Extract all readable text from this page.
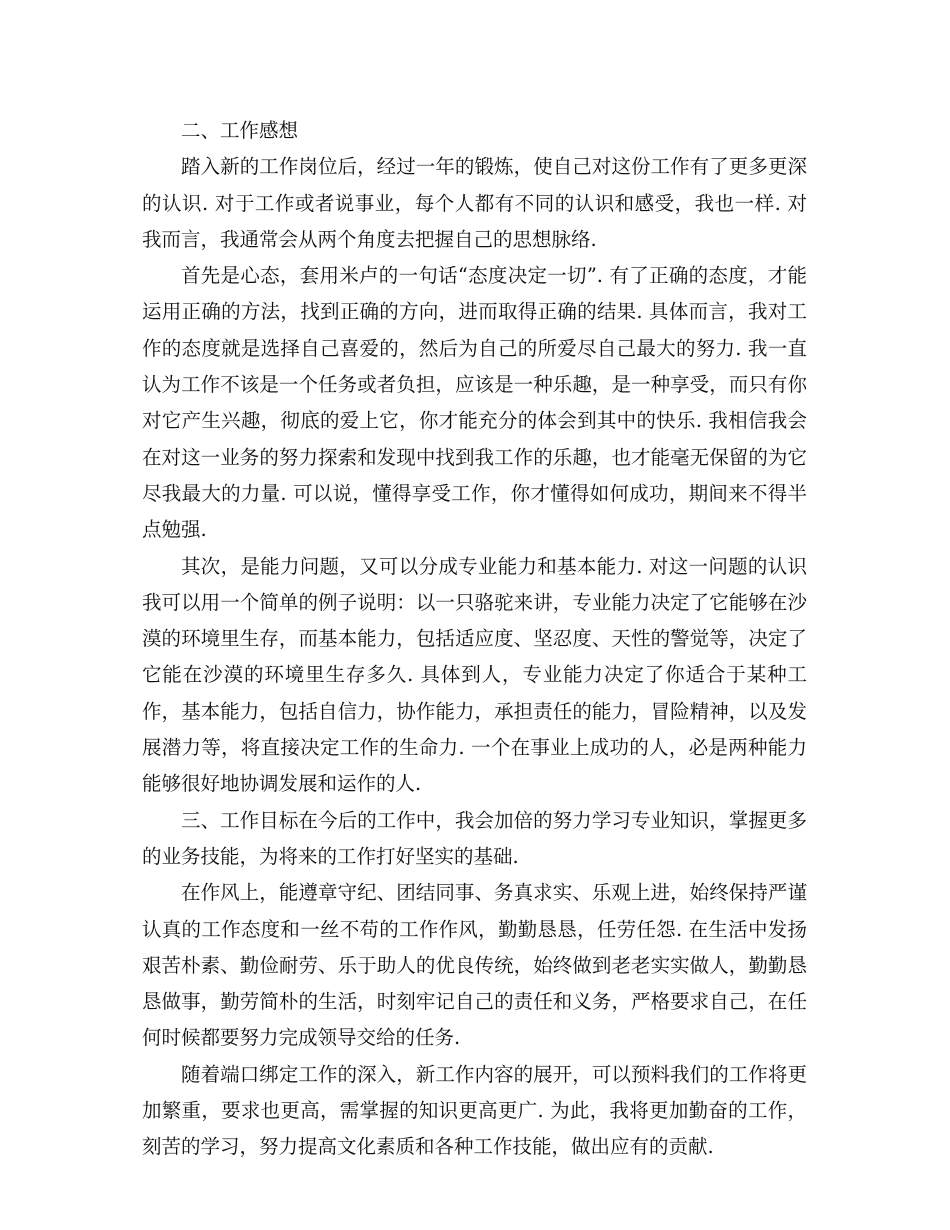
二、工作感想

踏入新的工作岗位后，经过一年的锻炼，使自己对这份工作有了更多更深的认识. 对于工作或者说事业，每个人都有不同的认识和感受，我也一样. 对我而言，我通常会从两个角度去把握自己的思想脉络.

首先是心态，套用米卢的一句话“态度决定一切”. 有了正确的态度，才能运用正确的方法，找到正确的方向，进而取得正确的结果. 具体而言，我对工作的态度就是选择自己喜爱的，然后为自己的所爱尽自己最大的努力. 我一直认为工作不该是一个任务或者负担，应该是一种乐趣，是一种享受，而只有你对它产生兴趣，彻底的爱上它，你才能充分的体会到其中的快乐. 我相信我会在对这一业务的努力探索和发现中找到我工作的乐趣，也才能毫无保留的为它尽我最大的力量. 可以说，懂得享受工作，你才懂得如何成功，期间来不得半点勉强.

其次，是能力问题，又可以分成专业能力和基本能力. 对这一问题的认识我可以用一个简单的例子说明：以一只骆驼来讲，专业能力决定了它能够在沙漠的环境里生存，而基本能力，包括适应度、坚忍度、天性的警觉等，决定了它能在沙漠的环境里生存多久. 具体到人，专业能力决定了你适合于某种工作，基本能力，包括自信力，协作能力，承担责任的能力，冒险精神，以及发展潜力等，将直接决定工作的生命力. 一个在事业上成功的人，必是两种能力能够很好地协调发展和运作的人.

三、工作目标在今后的工作中，我会加倍的努力学习专业知识，掌握更多的业务技能，为将来的工作打好坚实的基础.

在作风上，能遵章守纪、团结同事、务真求实、乐观上进，始终保持严谨认真的工作态度和一丝不苟的工作作风，勤勤恳恳，任劳任怨. 在生活中发扬艰苦朴素、勤俭耐劳、乐于助人的优良传统，始终做到老老实实做人，勤勤恳恳做事，勤劳简朴的生活，时刻牢记自己的责任和义务，严格要求自己，在任何时候都要努力完成领导交给的任务.

随着端口绑定工作的深入，新工作内容的展开，可以预料我们的工作将更加繁重，要求也更高，需掌握的知识更高更广. 为此，我将更加勤奋的工作，刻苦的学习，努力提高文化素质和各种工作技能，做出应有的贡献.
